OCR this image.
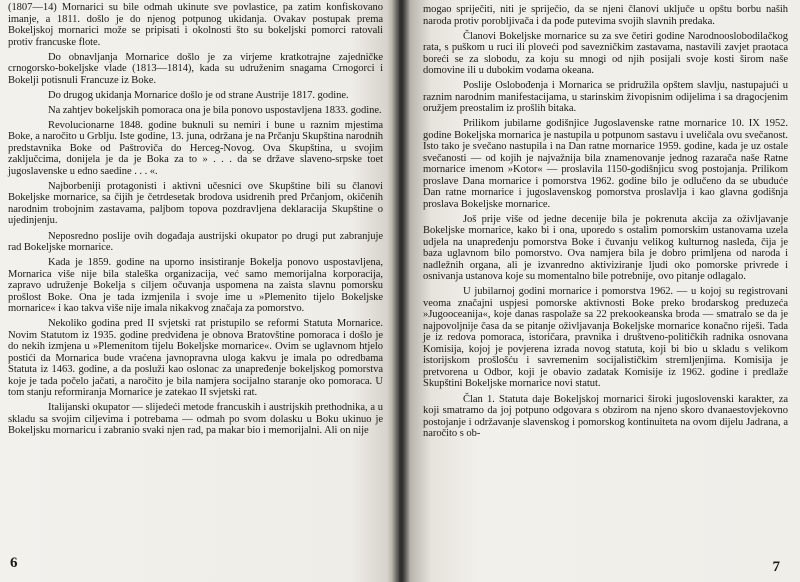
(1807—14) Mornarici su bile odmah ukinute sve povlastice, pa zatim konfiskovano imanje, a 1811. došlo je do njenog potpunog ukidanja. Ovakav postupak prema Bokeljskoj mornarici može se pripisati i okolnosti što su bokeljski pomorci ratovali protiv francuske flote.

Do obnavljanja Mornarice došlo je za virjeme kratkotrajne zajedničke crnogorsko-bokeljske vlade (1813—1814), kada su udruženim snagama Crnogorci i Bokelji potisnuli Francuze iz Boke.

Do drugog ukidanja Mornarice došlo je od strane Austrije 1817. godine.

Na zahtjev bokeljskih pomoraca ona je bila ponovo uspostavljena 1833. godine.

Revolucionarne 1848. godine buknuli su nemiri i bune u raznim mjestima Boke, a naročito u Grblju. Iste godine, 13. juna, održana je na Prčanju Skupština narodnih predstavnika Boke od Paštroviča do Herceg-Novog. Ova Skupština, u svojim zaključcima, donijela je da je Boka za to » . . . da se državе slaveno-srpske tоet jugoslavenske u edno saedine . . . «.

Najborbeniji protagonisti i aktivni učesnici ove Skupštine bili su članovi Bokeljske mornarice, sa čijih je četrdesetak brodova usidrenih pred Prčanjom, okičenih narodnim trobojnim zastavama, paljbom topova pozdravljena deklaracija Skupštine o ujedinjenju.

Neposredno poslije ovih događaja austrijski okupator po drugi put zabranjuje rad Bokeljske mornarice.

Kada je 1859. godine na uporno insistiranje Bokelja ponovo uspostavljena, Mornarica više nije bila staleška organizacija, već samo memorijalna korporacija, zapravo udruženje Bokelja s ciljem očuvanja uspomena na zaista slavnu pomorsku prošlost Boke. Ona je tada izmjenila i svoje ime u »Plemenito tijelo Bokeljske mornarice« i kao takva više nije imala nikakvog značaja za pomorstvo.

Nekoliko godina pred II svjetski rat pristupilo se reformi Statuta Mornarice. Novim Statutom iz 1935. godine predviđena je obnova Bratovštine pomoraca i došlo je do nekih izmjena u »Plemenitom tijelu Bokeljske mornarice«. Ovim se uglavnom htjelo postići da Mornarica bude vraćena javnopravna uloga kakvu je imala po odredbama Statuta iz 1463. godine, a da posluži kao oslonac za unapređenje bokeljskog pomorstva koje je tada počelo jačati, a naročito je bila namjera socijalno staranje oko pomoraca. U tom stanju reformiranja Mornarice je zatekao II svjetski rat.

Italijanski okupator — slijedeći metode francuskih i austrijskih prethodnika, a u skladu sa svojim ciljevima i potrebama — odmah po svom dolasku u Boku ukinuo je Bokeljsku mornaricu i zabranio svaki njen rad, pa makar bio i memorijalni. Ali on nije

6

mogao spriječiti, niti je spriječio, da se njeni članovi uključe u opštu borbu naših naroda protiv porobljivača i da pođe putevima svojih slavnih predaka.

Članovi Bokeljske mornarice su za sve četiri godine Narodnooslobodilačkog rata, s puškom u ruci ili ploveći pod savezničkim zastavama, nastavili zavjet praotaca boreći se za slobodu, za koju su mnogi od njih posijali svoje kosti širom naše domovine ili u dubokim vodama okeana.

Poslije Oslobođenja i Mornarica se pridružila opštem slavlju, nastupajući u raznim narodnim manifestacijama, u starinskim živopisnim odijelima i sa dragocjenim oružjem preostalim iz prošlih bitaka.

Prilikom jubilarne godišnjice Jugoslavenske ratne mornarice 10. IX 1952. godine Bokeljska mornarica je nastupila u potpunom sastavu i uveličala ovu svečanost. Isto tako je svečano nastupila i na Dan ratne mornarice 1959. godine, kada je uz ostale svečanosti — od kojih je najvažnija bila znamenovanje jednog razarača naše Ratne mornarice imenom »Kotor« — proslavila 1150-godišnjicu svog postojanja. Prilikom proslave Dana mornarice i pomorstva 1962. godine bilo je odlučeno da se ubuduće Dan ratne mornarice i jugoslavenskog pomorstva proslavlja i kao glavna godišnja proslava Bokeljske mornarice.

Još prije više od jedne decenije bila je pokrenuta akcija za oživljavanje Bokeljske mornarice, kako bi i ona, uporedo s ostalim pomorskim ustanovama uzela udjela na unapređenju pomorstva Boke i čuvanju velikog kulturnog nasleđa, čija je baza uglavnom bilo pomorstvo. Ova namjera bila je dobro primljena od naroda i nadležnih organa, ali je izvanredno aktiviziranje ljudi oko pomorske privrede i osnivanja ustanova koje su momentalno bile potrebnije, ovo pitanje odlagalo.

U jubilarnoj godini mornarice i pomorstva 1962. — u kojoj su registrovani veoma značajni uspjesi pomorske aktivnosti Boke preko brodarskog preduzeća »Jugooceanija«, koje danas raspolaže sa 22 prekookeanska broda — smatralo se da je najpovoljnije časa da se pitanje oživljavanja Bokeljske mornarice konačno riješi. Tada je iz redova pomoraca, istoričara, pravnika i društveno-političkih radnika osnovana Komisija, kojoj je povjerena izrada novog statuta, koji bi bio u skladu s velikom istorijskom prošlošću i savremenim socijalističkim stremljenjima. Komisija je pretvorena u Odbor, koji je obavio zadatak Komisije iz 1962. godine i predlaže Skupštini Bokeljske mornarice novi statut.

Član 1. Statuta daje Bokeljskoj mornarici široki jugoslovenski karakter, za koji smatramo da joj potpuno odgovara s obzirom na njeno skoro dvanaestovjekovno postojanje i održavanje slavenskog i pomorskog kontinuiteta na ovom dijelu Jadrana, a naročito s ob-

7
